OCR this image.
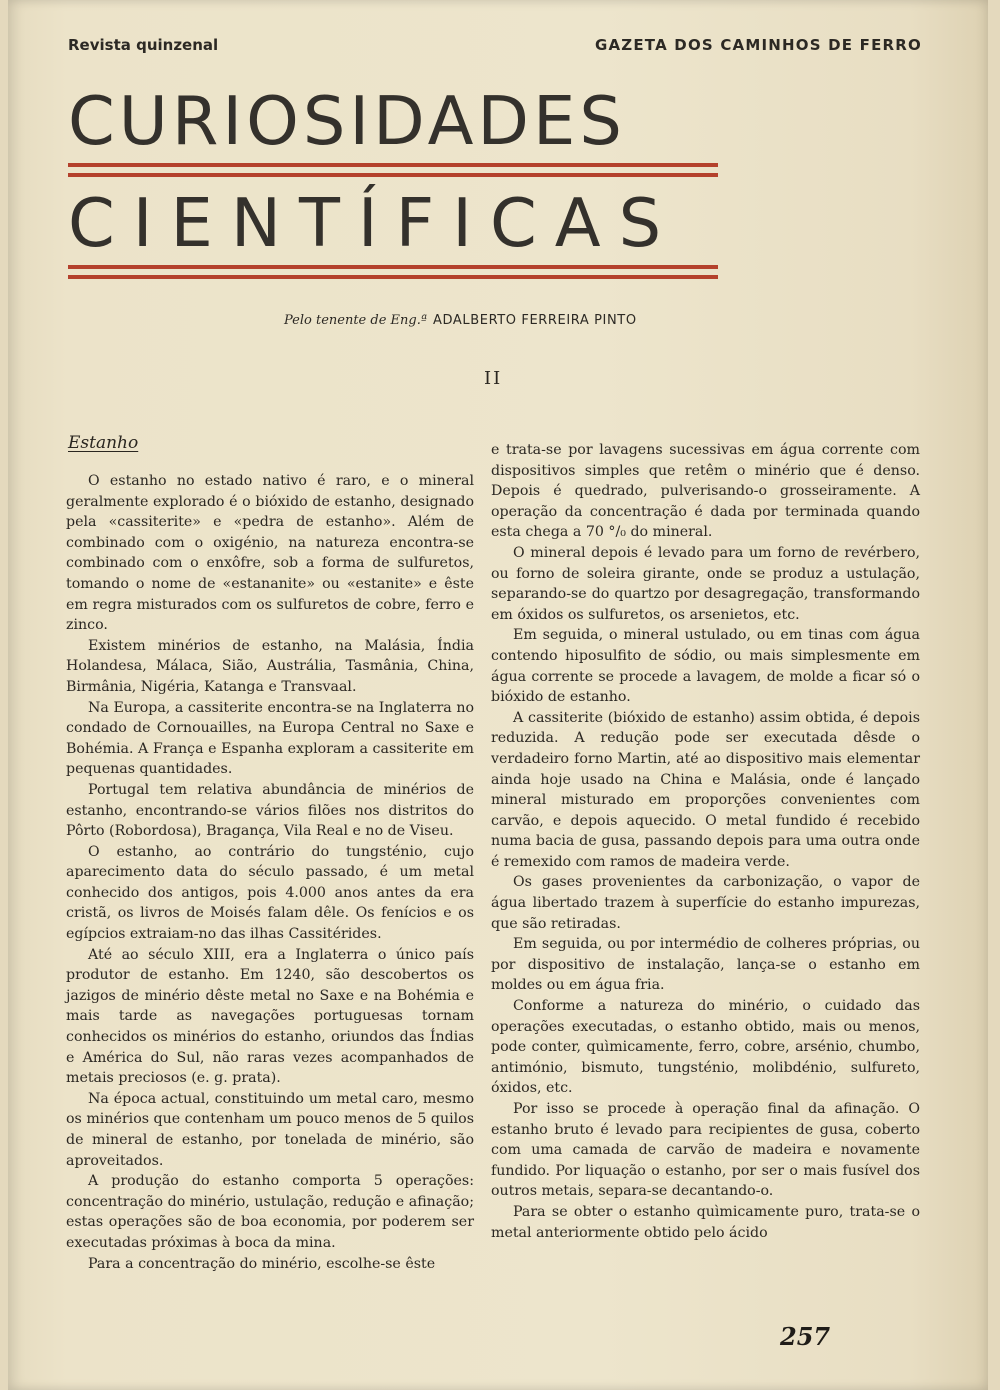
Revista quinzenal	GAZETA DOS CAMINHOS DE FERRO
CURIOSIDADES
CIENTÍFICAS
Pelo tenente de Eng.ª ADALBERTO FERREIRA PINTO
II
Estanho

O estanho no estado nativo é raro, e o mineral geralmente explorado é o bióxido de estanho, designado pela «cassiterite» e «pedra de estanho». Além de combinado com o oxigénio, na natureza encontra-se combinado com o enxôfre, sob a forma de sulfuretos, tomando o nome de «estananite» ou «estanite» e êste em regra misturados com os sulfuretos de cobre, ferro e zinco.

Existem minérios de estanho, na Malásia, Índia Holandesa, Málaca, Sião, Austrália, Tasmânia, China, Birmânia, Nigéria, Katanga e Transvaal.

Na Europa, a cassiterite encontra-se na Inglaterra no condado de Cornouailles, na Europa Central no Saxe e Bohémia. A França e Espanha exploram a cassiterite em pequenas quantidades.

Portugal tem relativa abundância de minérios de estanho, encontrando-se vários filões nos distritos do Pôrto (Robordosa), Bragança, Vila Real e no de Viseu.

O estanho, ao contrário do tungsténio, cujo aparecimento data do século passado, é um metal conhecido dos antigos, pois 4.000 anos antes da era cristã, os livros de Moisés falam dêle. Os fenícios e os egípcios extraiam-no das ilhas Cassitérides.

Até ao século XIII, era a Inglaterra o único país produtor de estanho. Em 1240, são descobertos os jazigos de minério dêste metal no Saxe e na Bohémia e mais tarde as navegações portuguesas tornam conhecidos os minérios do estanho, oriundos das Índias e América do Sul, não raras vezes acompanhados de metais preciosos (e. g. prata).

Na época actual, constituindo um metal caro, mesmo os minérios que contenham um pouco menos de 5 quilos de mineral de estanho, por tonelada de minério, são aproveitados.

A produção do estanho comporta 5 operações: concentração do minério, ustulação, redução e afinação; estas operações são de boa economia, por poderem ser executadas próximas à boca da mina.

Para a concentração do minério, escolhe-se êste

e trata-se por lavagens sucessivas em água corrente com dispositivos simples que retêm o minério que é denso. Depois é quedrado, pulverisando-o grosseiramente. A operação da concentração é dada por terminada quando esta chega a 70 °/₀ do mineral.

O mineral depois é levado para um forno de revérbero, ou forno de soleira girante, onde se produz a ustulação, separando-se do quartzo por desagregação, transformando em óxidos os sulfuretos, os arsenietos, etc.

Em seguida, o mineral ustulado, ou em tinas com água contendo hiposulfito de sódio, ou mais simplesmente em água corrente se procede a lavagem, de molde a ficar só o bióxido de estanho.

A cassiterite (bióxido de estanho) assim obtida, é depois reduzida. A redução pode ser executada dêsde o verdadeiro forno Martin, até ao dispositivo mais elementar ainda hoje usado na China e Malásia, onde é lançado mineral misturado em proporções convenientes com carvão, e depois aquecido. O metal fundido é recebido numa bacia de gusa, passando depois para uma outra onde é remexido com ramos de madeira verde.

Os gases provenientes da carbonização, o vapor de água libertado trazem à superfície do estanho impurezas, que são retiradas.

Em seguida, ou por intermédio de colheres próprias, ou por dispositivo de instalação, lança-se o estanho em moldes ou em água fria.

Conforme a natureza do minério, o cuidado das operações executadas, o estanho obtido, mais ou menos, pode conter, quìmicamente, ferro, cobre, arsénio, chumbo, antimónio, bismuto, tungsténio, molibdénio, sulfureto, óxidos, etc.

Por isso se procede à operação final da afinação. O estanho bruto é levado para recipientes de gusa, coberto com uma camada de carvão de madeira e novamente fundido. Por liquação o estanho, por ser o mais fusível dos outros metais, separa-se decantando-o.

Para se obter o estanho quìmicamente puro, trata-se o metal anteriormente obtido pelo ácido

257
